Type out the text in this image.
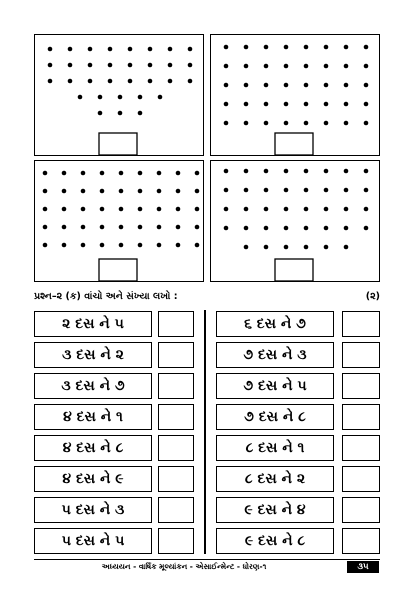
પ્રશ્ન–૨ (ક) વાંચો અને સંખ્યા લખો :	(૨)
૨ દસ ને ૫
૩ દસ ને ૨
૩ દસ ને ૭
૪ દસ ને ૧
૪ દસ ને ૮
૪ દસ ને ૯
૫ દસ ને ૩
૫ દસ ને ૫
૬ દસ ને ૭
૭ દસ ને ૩
૭ દસ ને ૫
૭ દસ ને ૮
૮ દસ ને ૧
૮ દસ ને ૨
૯ દસ ને ૪
૯ દસ ને ૮
અધ્યયન - વાર્ષિક મૂલ્યાંકન - એસાઈન્મેન્ટ - ધોરણ-૧	૩૫
